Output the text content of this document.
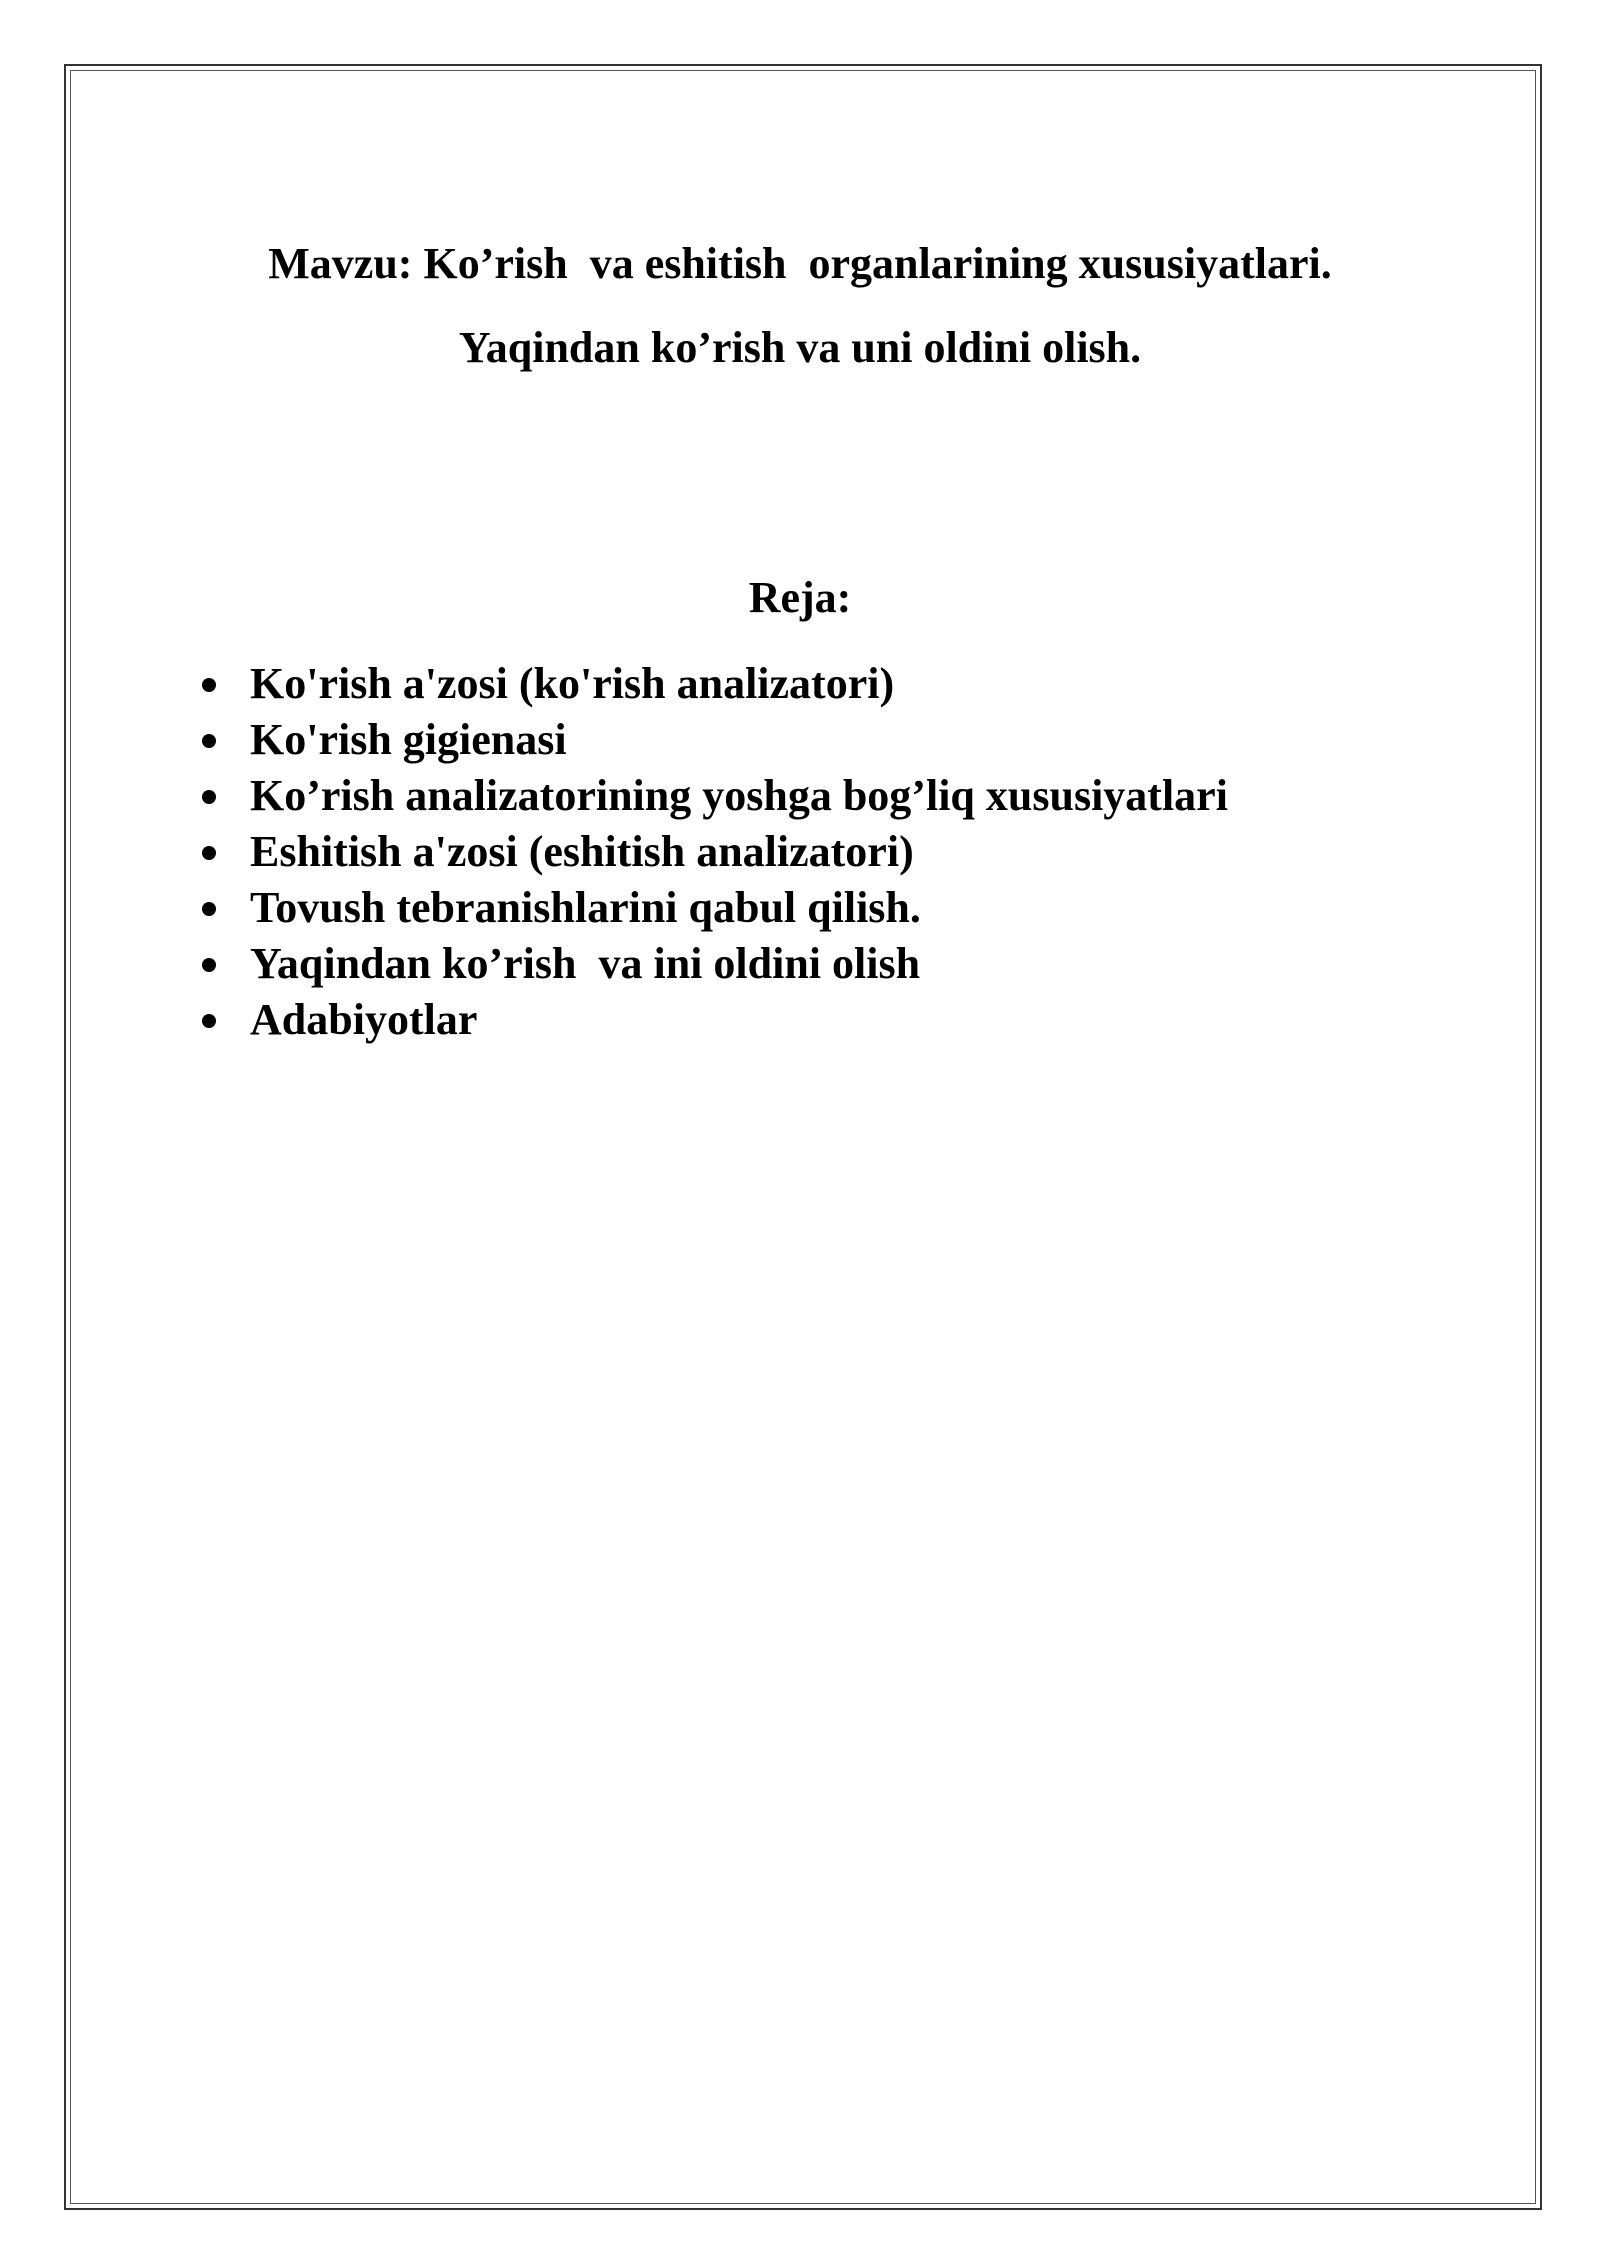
Mavzu: Ko’rish  va eshitish  organlarining xususiyatlari.
Yaqindan ko’rish va uni oldini olish.
Reja:
Ko'rish a'zosi (ko'rish analizatori)
Ko'rish gigienasi
Ko’rish analizatorining yoshga bog’liq xususiyatlari
Eshitish a'zosi (eshitish analizatori)
Tovush tebranishlarini qabul qilish.
Yaqindan ko’rish  va ini oldini olish
Adabiyotlar
